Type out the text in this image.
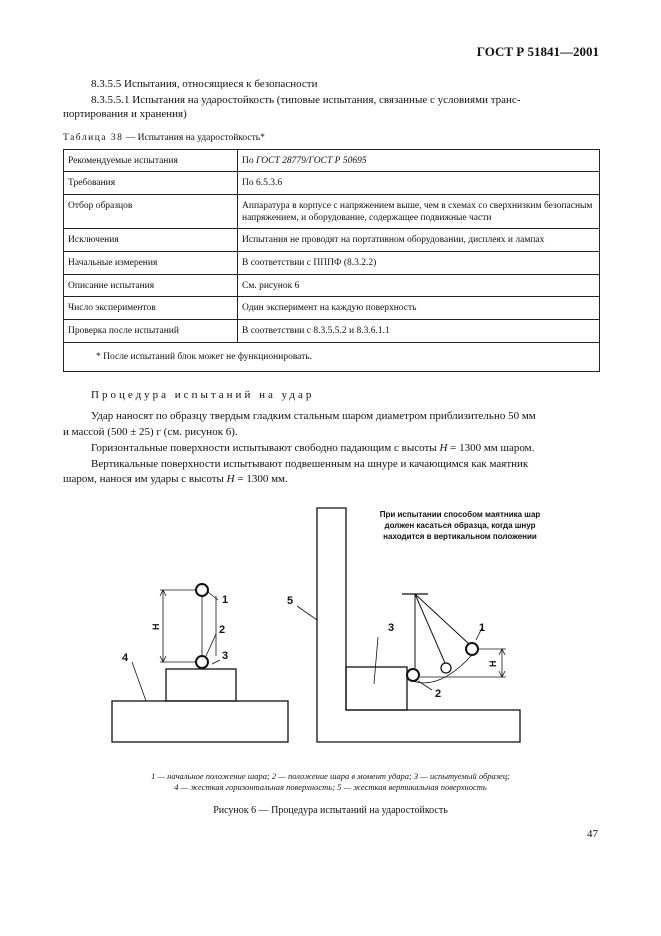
ГОСТ Р 51841—2001
8.3.5.5 Испытания, относящиеся к безопасности
8.3.5.5.1 Испытания на ударостойкость (типовые испытания, связанные с условиями транс-
портирования и хранения)
Таблица 38 — Испытания на ударостойкость*
Рекомендуемые испытания	По ГОСТ 28779/ГОСТ Р 50695
Требования	По 6.5.3.6
Отбор образцов	Аппаратура в корпусе с напряжением выше, чем в схемах со сверхнизким безопасным напряжением, и оборудование, содержащее подвижные части
Исключения	Испытания не проводят на портативном оборудовании, дисплеях и лампах
Начальные измерения	В соответствии с ПППФ (8.3.2.2)
Описание испытания	См. рисунок 6
Число экспериментов	Один эксперимент на каждую поверхность
Проверка после испытаний	В соответствии с 8.3.5.5.2 и 8.3.6.1.1
* После испытаний блок может не функционировать.	
Процедура испытаний на удар
Удар наносят по образцу твердым гладким стальным шаром диаметром приблизительно 50 мм
и массой (500 ± 25) г (см. рисунок 6).
Горизонтальные поверхности испытывают свободно падающим с высоты H = 1300 мм шаром.
Вертикальные поверхности испытывают подвешенным на шнуре и качающимся как маятник
шаром, нанося им удары с высоты H = 1300 мм.
1
2
3
4
5
3	1
2
H
H
При испытании способом маятника шар
должен касаться образца, когда шнур
находится в вертикальном положении
1 — начальное положение шара; 2 — положение шара в момент удара; 3 — испытуемый образец;
4 — жесткая горизонтальная поверхность; 5 — жесткая вертикальная поверхность
Рисунок 6 — Процедура испытаний на ударостойкость
47
